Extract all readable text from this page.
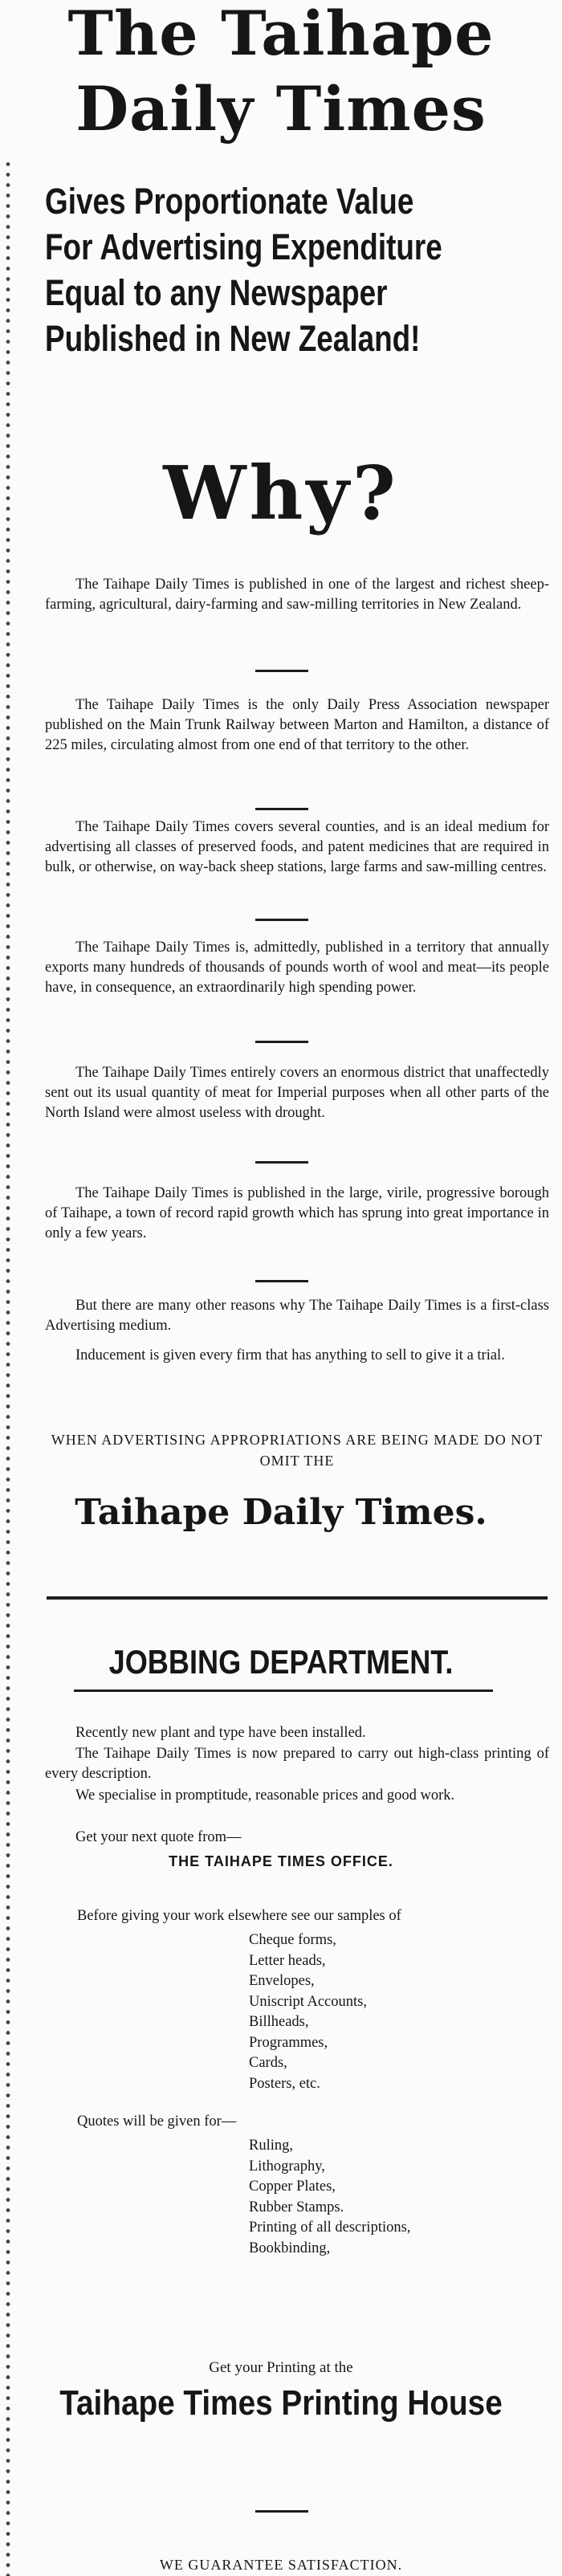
The Taihape
Daily Times
Gives Proportionate Value
For Advertising Expenditure
Equal to any Newspaper
Published in New Zealand!
Why?

The Taihape Daily Times is published in one of the largest and richest sheep-farming, agricultural, dairy-farming and saw-milling territories in New Zealand.

The Taihape Daily Times is the only Daily Press Association newspaper published on the Main Trunk Railway between Marton and Hamilton, a distance of 225 miles, circulating almost from one end of that territory to the other.

The Taihape Daily Times covers several counties, and is an ideal medium for advertising all classes of preserved foods, and patent medicines that are required in bulk, or otherwise, on way-back sheep stations, large farms and saw-milling centres.

The Taihape Daily Times is, admittedly, published in a territory that annually exports many hundreds of thousands of pounds worth of wool and meat—its people have, in consequence, an extraordinarily high spending power.

The Taihape Daily Times entirely covers an enormous district that unaffectedly sent out its usual quantity of meat for Imperial purposes when all other parts of the North Island were almost useless with drought.

The Taihape Daily Times is published in the large, virile, progressive borough of Taihape, a town of record rapid growth which has sprung into great importance in only a few years.

But there are many other reasons why The Taihape Daily Times is a first-class Advertising medium.

Inducement is given every firm that has anything to sell to give it a trial.

WHEN ADVERTISING APPROPRIATIONS ARE BEING MADE DO NOT OMIT THE
Taihape Daily Times.
JOBBING DEPARTMENT.

Recently new plant and type have been installed.

The Taihape Daily Times is now prepared to carry out high-class printing of every description.

We specialise in promptitude, reasonable prices and good work.

Get your next quote from—

THE TAIHAPE TIMES OFFICE.
Before giving your work elsewhere see our samples of
Cheque forms,
Letter heads,
Envelopes,
Uniscript Accounts,
Billheads,
Programmes,
Cards,
Posters, etc.
Quotes will be given for—
Ruling,
Lithography,
Copper Plates,
Rubber Stamps.
Printing of all descriptions,
Bookbinding,
Get your Printing at the
Taihape Times Printing House
WE GUARANTEE SATISFACTION.
